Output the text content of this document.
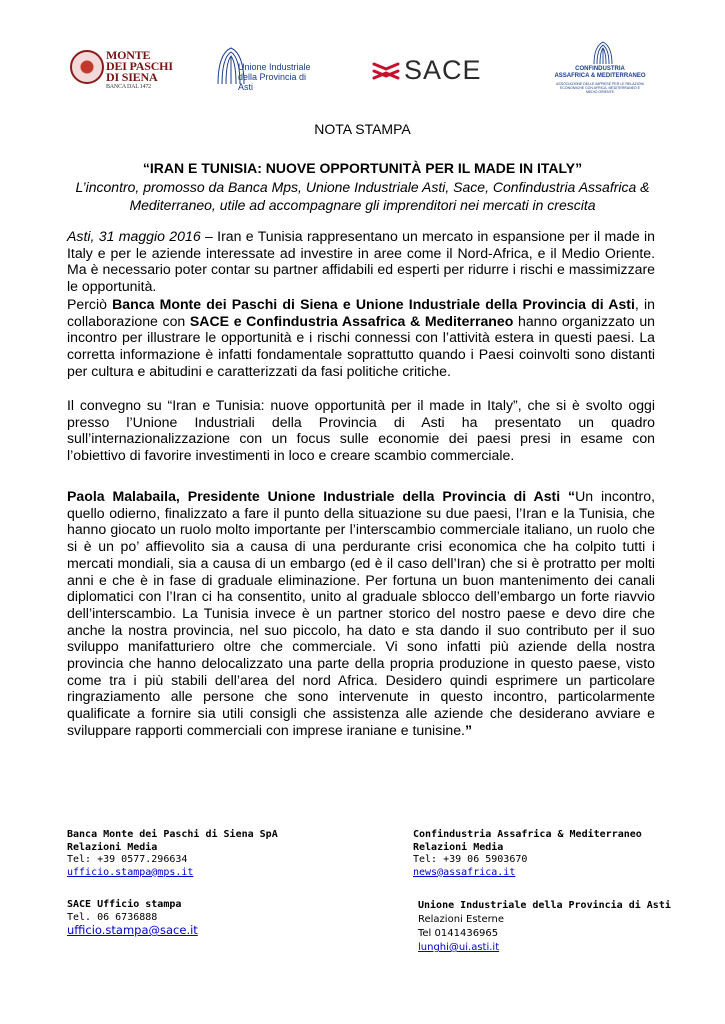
MONTE
DEI PASCHI
DI SIENA
BANCA DAL 1472
Unione Industriale
della Provincia di Asti
SACE	CONFINDUSTRIA
ASSAFRICA & MEDITERRANEO
ASSOCIAZIONE DELLE IMPRESE PER LE RELAZIONI ECONOMICHE CON AFRICA, MEDITERRANEO E MEDIO ORIENTE
NOTA STAMPA
“IRAN E TUNISIA: NUOVE OPPORTUNITÀ PER IL MADE IN ITALY”
L’incontro, promosso da Banca Mps, Unione Industriale Asti, Sace, Confindustria Assafrica & Mediterraneo, utile ad accompagnare gli imprenditori nei mercati in crescita

Asti, 31 maggio 2016 – Iran e Tunisia rappresentano un mercato in espansione per il made in Italy e per le aziende interessate ad investire in aree come il Nord-Africa, e il Medio Oriente. Ma è necessario poter contar su partner affidabili ed esperti per ridurre i rischi e massimizzare le opportunità.

Perciò Banca Monte dei Paschi di Siena e Unione Industriale della Provincia di Asti, in collaborazione con SACE e Confindustria Assafrica & Mediterraneo hanno organizzato un incontro per illustrare le opportunità e i rischi connessi con l’attività estera in questi paesi. La corretta informazione è infatti fondamentale soprattutto quando i Paesi coinvolti sono distanti per cultura e abitudini e caratterizzati da fasi politiche critiche.

Il convegno su “Iran e Tunisia: nuove opportunità per il made in Italy”, che si è svolto oggi presso l’Unione Industriali della Provincia di Asti ha presentato un quadro sull’internazionalizzazione con un focus sulle economie dei paesi presi in esame con l’obiettivo di favorire investimenti in loco e creare scambio commerciale.

Paola Malabaila, Presidente Unione Industriale della Provincia di Asti “Un incontro, quello odierno, finalizzato a fare il punto della situazione su due paesi, l’Iran e la Tunisia, che hanno giocato un ruolo molto importante per l’interscambio commerciale italiano, un ruolo che si è un po’ affievolito sia a causa di una perdurante crisi economica che ha colpito tutti i mercati mondiali, sia a causa di un embargo (ed è il caso dell’Iran) che si è protratto per molti anni e che è in fase di graduale eliminazione. Per fortuna un buon mantenimento dei canali diplomatici con l’Iran ci ha consentito, unito al graduale sblocco dell’embargo un forte riavvio dell’interscambio. La Tunisia invece è un partner storico del nostro paese e devo dire che anche la nostra provincia, nel suo piccolo, ha dato e sta dando il suo contributo per il suo sviluppo manifatturiero oltre che commerciale. Vi sono infatti più aziende della nostra provincia che hanno delocalizzato una parte della propria produzione in questo paese, visto come tra i più stabili dell’area del nord Africa. Desidero quindi esprimere un particolare ringraziamento alle persone che sono intervenute in questo incontro, particolarmente qualificate a fornire sia utili consigli che assistenza alle aziende che desiderano avviare e sviluppare rapporti commerciali con imprese iraniane e tunisine.”

Banca Monte dei Paschi di Siena SpA
Relazioni Media
Tel: +39 0577.296634
ufficio.stampa@mps.it
Confindustria Assafrica & Mediterraneo
Relazioni Media
Tel: +39 06 5903670
news@assafrica.it
SACE Ufficio stampa
Tel. 06 6736888
ufficio.stampa@sace.it
Unione Industriale della Provincia di Asti
Relazioni Esterne
Tel 0141436965
lunghi@ui.asti.it
